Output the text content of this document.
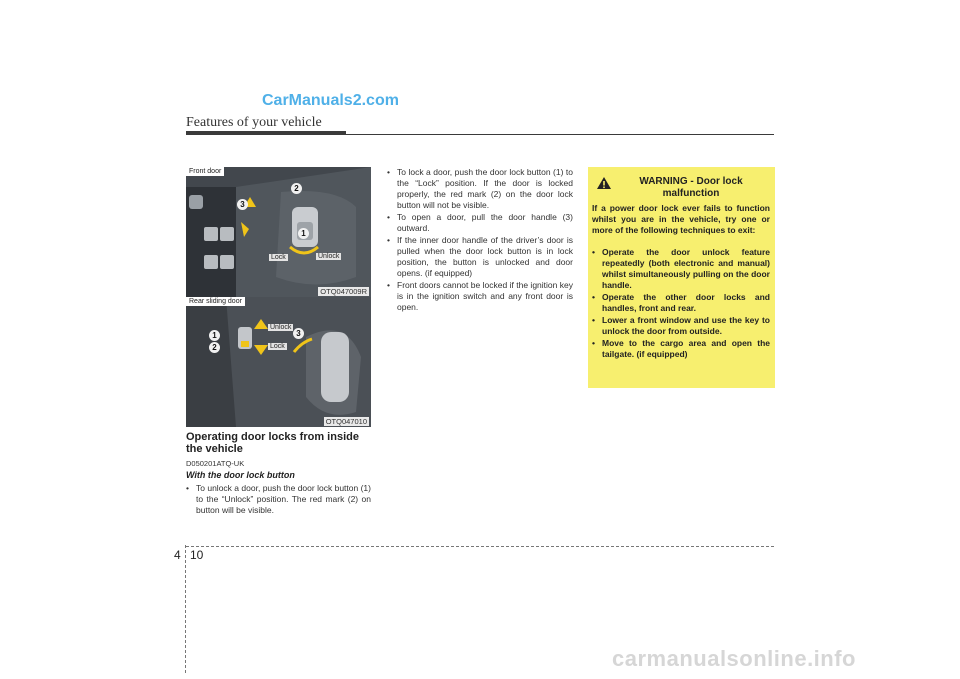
CarManuals2.com
Features of your vehicle
Front door
1
2
3
Lock	Unlock
OTQ047009R
Rear sliding door
1
2
3
Unlock
Lock
OTQ047010
Operating door locks from inside the vehicle
D050201ATQ-UK
With the door lock button
• To unlock a door, push the door lock button (1) to the “Unlock” position. The red mark (2) on button will be visible.
• To lock a door, push the door lock button (1) to the “Lock” position. If the door is locked properly, the red mark (2) on the door lock button will not be visible.
• To open a door, pull the door handle (3) outward.
• If the inner door handle of the driver’s door is pulled when the door lock button is in lock position, the button is unlocked and door opens. (if equipped)
• Front doors cannot be locked if the ignition key is in the ignition switch and any front door is open.
WARNING - Door lock malfunction
If a power door lock ever fails to function whilst you are in the vehicle, try one or more of the following techniques to exit:
• Operate the door unlock feature repeatedly (both electronic and manual) whilst simultaneously pulling on the door handle.
• Operate the other door locks and handles, front and rear.
• Lower a front window and use the key to unlock the door from outside.
• Move to the cargo area and open the tailgate. (if equipped)
4 10
carmanualsonline.info
